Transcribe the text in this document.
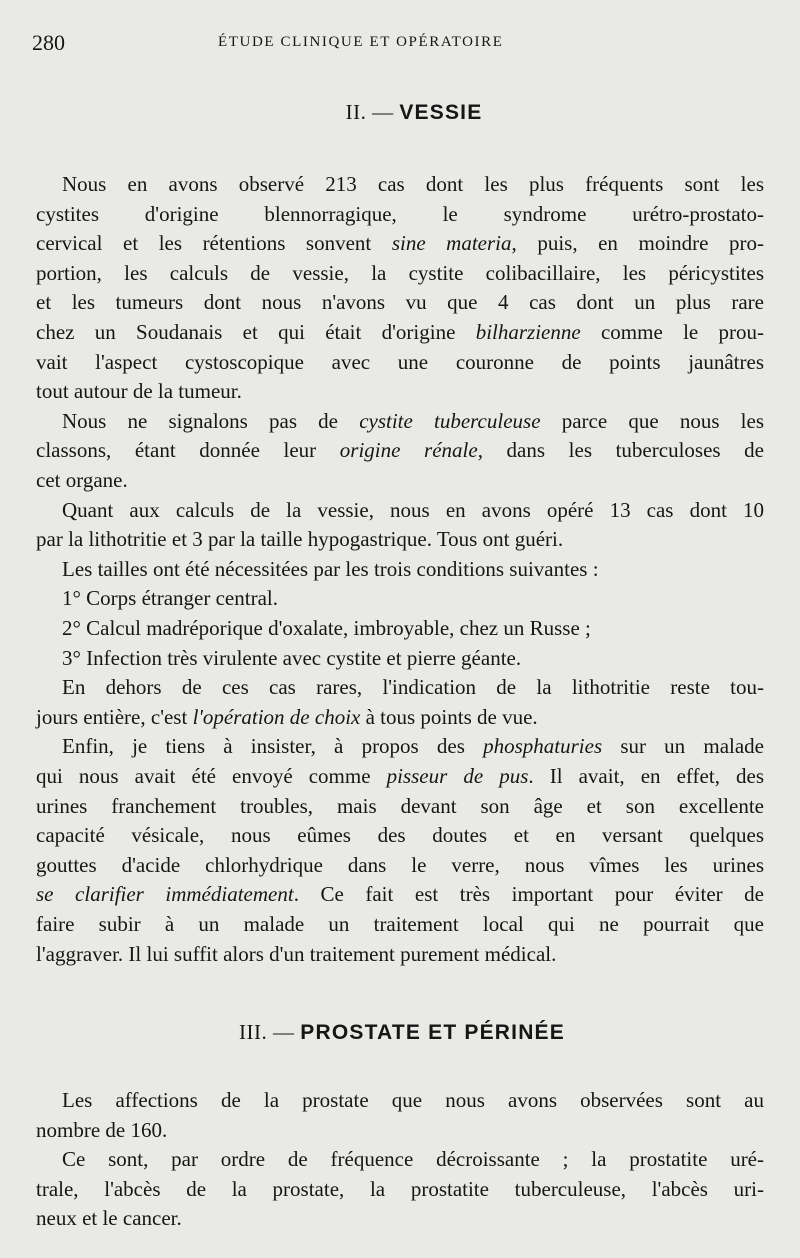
280	ÉTUDE CLINIQUE ET OPÉRATOIRE
II. — VESSIE
Nous en avons observé 213 cas dont les plus fréquents sont les
cystites d'origine blennorragique, le syndrome urétro-prostato-
cervical et les rétentions sonvent sine materia, puis, en moindre pro-
portion, les calculs de vessie, la cystite colibacillaire, les péricystites
et les tumeurs dont nous n'avons vu que 4 cas dont un plus rare
chez un Soudanais et qui était d'origine bilharzienne comme le prou-
vait l'aspect cystoscopique avec une couronne de points jaunâtres
tout autour de la tumeur.
Nous ne signalons pas de cystite tuberculeuse parce que nous les
classons, étant donnée leur origine rénale, dans les tuberculoses de
cet organe.
Quant aux calculs de la vessie, nous en avons opéré 13 cas dont 10
par la lithotritie et 3 par la taille hypogastrique. Tous ont guéri.
Les tailles ont été nécessitées par les trois conditions suivantes :
1° Corps étranger central.
2° Calcul madréporique d'oxalate, imbroyable, chez un Russe ;
3° Infection très virulente avec cystite et pierre géante.
En dehors de ces cas rares, l'indication de la lithotritie reste tou-
jours entière, c'est l'opération de choix à tous points de vue.
Enfin, je tiens à insister, à propos des phosphaturies sur un malade
qui nous avait été envoyé comme pisseur de pus. Il avait, en effet, des
urines franchement troubles, mais devant son âge et son excellente
capacité vésicale, nous eûmes des doutes et en versant quelques
gouttes d'acide chlorhydrique dans le verre, nous vîmes les urines
se clarifier immédiatement. Ce fait est très important pour éviter de
faire subir à un malade un traitement local qui ne pourrait que
l'aggraver. Il lui suffit alors d'un traitement purement médical.
III. — PROSTATE ET PÉRINÉE
Les affections de la prostate que nous avons observées sont au
nombre de 160.
Ce sont, par ordre de fréquence décroissante ; la prostatite uré-
trale, l'abcès de la prostate, la prostatite tuberculeuse, l'abcès uri-
neux et le cancer.
